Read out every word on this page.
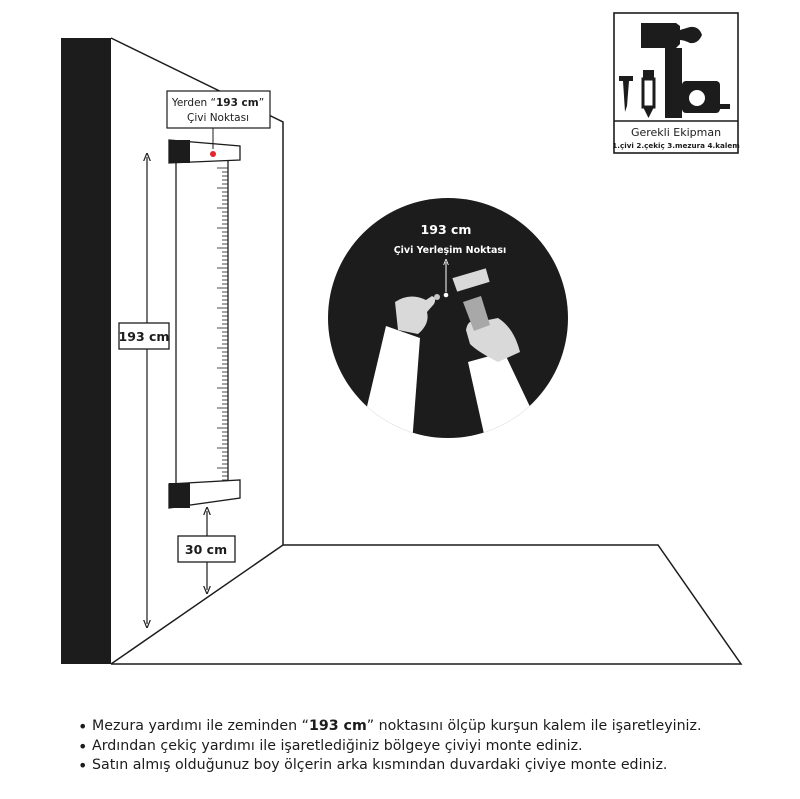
193 cm
Yerden “193 cm”
Çivi Noktası
30 cm
Gerekli Ekipman
1.çivi 2.çekiç 3.mezura 4.kalem
193 cm
Çivi Yerleşim Noktası
• Mezura yardımı ile zeminden “193 cm” noktasını ölçüp kurşun kalem ile işaretleyiniz.
• Ardından çekiç yardımı ile işaretlediğiniz bölgeye çiviyi monte ediniz.
• Satın almış olduğunuz boy ölçerin arka kısmından duvardaki çiviye monte ediniz.
